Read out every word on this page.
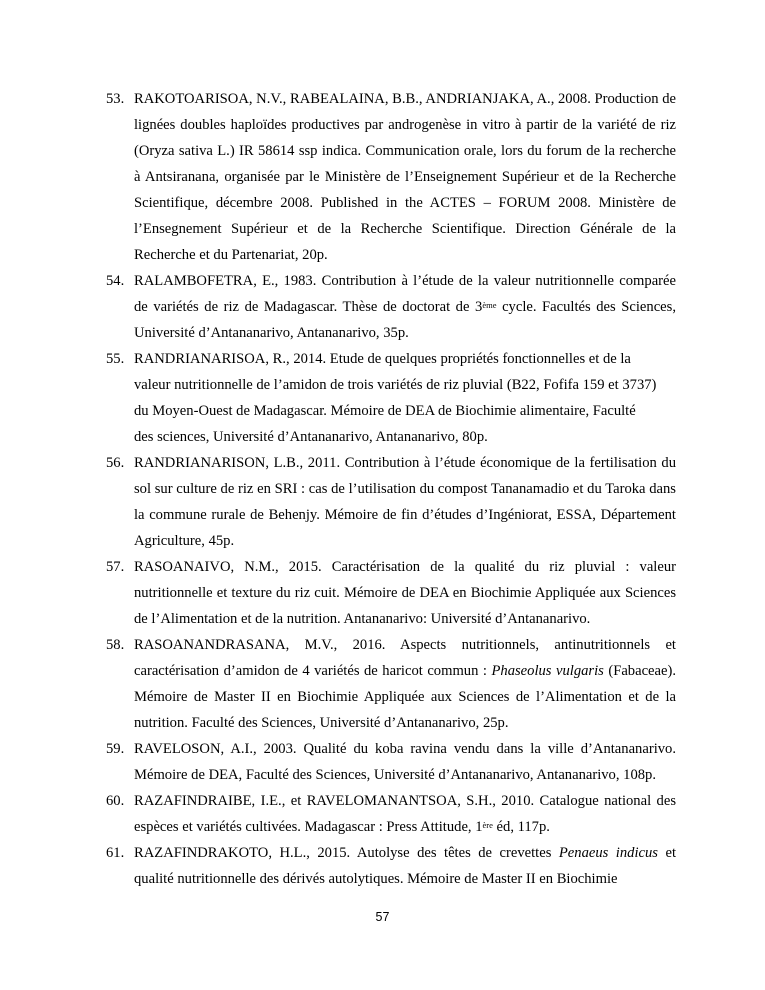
53. RAKOTOARISOA, N.V., RABEALAINA, B.B., ANDRIANJAKA, A., 2008. Production de lignées doubles haploïdes productives par androgenèse in vitro à partir de la variété de riz (Oryza sativa L.) IR 58614 ssp indica. Communication orale, lors du forum de la recherche à Antsiranana, organisée par le Ministère de l’Enseignement Supérieur et de la Recherche Scientifique, décembre 2008. Published in the ACTES – FORUM 2008. Ministère de l’Ensegnement Supérieur et de la Recherche Scientifique. Direction Générale de la Recherche et du Partenariat, 20p.
54. RALAMBOFETRA, E., 1983. Contribution à l’étude de la valeur nutritionnelle comparée de variétés de riz de Madagascar. Thèse de doctorat de 3ème cycle. Facultés des Sciences, Université d’Antananarivo, Antananarivo, 35p.
55. RANDRIANARISOA, R., 2014. Etude de quelques propriétés fonctionnelles et de la
valeur nutritionnelle de l’amidon de trois variétés de riz pluvial (B22, Fofifa 159 et 3737)
du Moyen-Ouest de Madagascar. Mémoire de DEA de Biochimie alimentaire, Faculté
des sciences, Université d’Antananarivo, Antananarivo, 80p.
56. RANDRIANARISON, L.B., 2011. Contribution à l’étude économique de la fertilisation du sol sur culture de riz en SRI : cas de l’utilisation du compost Tananamadio et du Taroka dans la commune rurale de Behenjy. Mémoire de fin d’études d’Ingéniorat, ESSA, Département Agriculture, 45p.
57. RASOANAIVO, N.M., 2015. Caractérisation de la qualité du riz pluvial : valeur nutritionnelle et texture du riz cuit. Mémoire de DEA en Biochimie Appliquée aux Sciences de l’Alimentation et de la nutrition. Antananarivo: Université d’Antananarivo.
58. RASOANANDRASANA, M.V., 2016. Aspects nutritionnels, antinutritionnels et caractérisation d’amidon de 4 variétés de haricot commun : Phaseolus vulgaris (Fabaceae). Mémoire de Master II en Biochimie Appliquée aux Sciences de l’Alimentation et de la nutrition. Faculté des Sciences, Université d’Antananarivo, 25p.
59. RAVELOSON, A.I., 2003. Qualité du koba ravina vendu dans la ville d’Antananarivo. Mémoire de DEA, Faculté des Sciences, Université d’Antananarivo, Antananarivo, 108p.
60. RAZAFINDRAIBE, I.E., et RAVELOMANANTSOA, S.H., 2010. Catalogue national des espèces et variétés cultivées. Madagascar : Press Attitude, 1ère éd, 117p.
61. RAZAFINDRAKOTO, H.L., 2015. Autolyse des têtes de crevettes Penaeus indicus et qualité nutritionnelle des dérivés autolytiques. Mémoire de Master II en Biochimie
57
